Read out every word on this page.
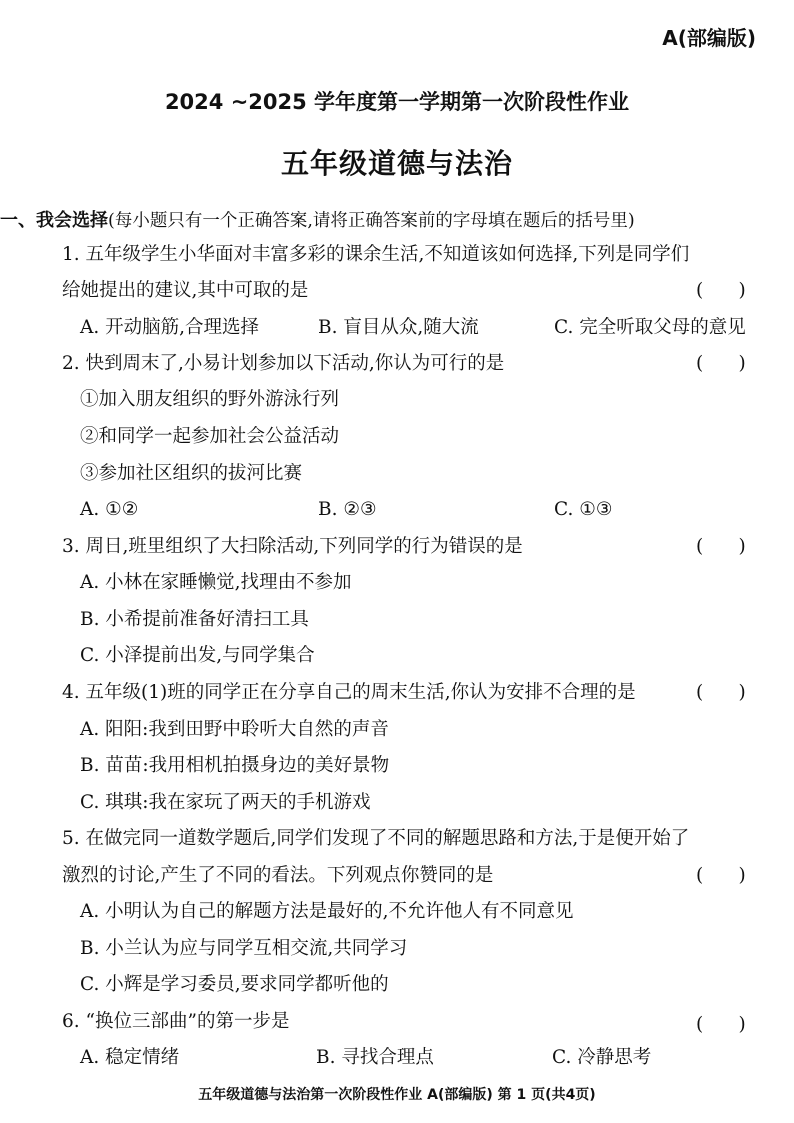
A(部编版)
2024 ~2025 学年度第一学期第一次阶段性作业
五年级道德与法治
一、我会选择(每小题只有一个正确答案,请将正确答案前的字母填在题后的括号里)
1. 五年级学生小华面对丰富多彩的课余生活,不知道该如何选择,下列是同学们
给她提出的建议,其中可取的是	(      )
A. 开动脑筋,合理选择	B. 盲目从众,随大流	C. 完全听取父母的意见
2. 快到周末了,小易计划参加以下活动,你认为可行的是	(      )
①加入朋友组织的野外游泳行列
②和同学一起参加社会公益活动
③参加社区组织的拔河比赛
A. ①②	B. ②③	C. ①③
3. 周日,班里组织了大扫除活动,下列同学的行为错误的是	(      )
A. 小林在家睡懒觉,找理由不参加
B. 小希提前准备好清扫工具
C. 小泽提前出发,与同学集合
4. 五年级(1)班的同学正在分享自己的周末生活,你认为安排不合理的是	(      )
A. 阳阳:我到田野中聆听大自然的声音
B. 苗苗:我用相机拍摄身边的美好景物
C. 琪琪:我在家玩了两天的手机游戏
5. 在做完同一道数学题后,同学们发现了不同的解题思路和方法,于是便开始了
激烈的讨论,产生了不同的看法。下列观点你赞同的是	(      )
A. 小明认为自己的解题方法是最好的,不允许他人有不同意见
B. 小兰认为应与同学互相交流,共同学习
C. 小辉是学习委员,要求同学都听他的
6. “换位三部曲”的第一步是	(      )
A. 稳定情绪	B. 寻找合理点	C. 冷静思考
五年级道德与法治第一次阶段性作业 A(部编版) 第 1 页(共4页)
